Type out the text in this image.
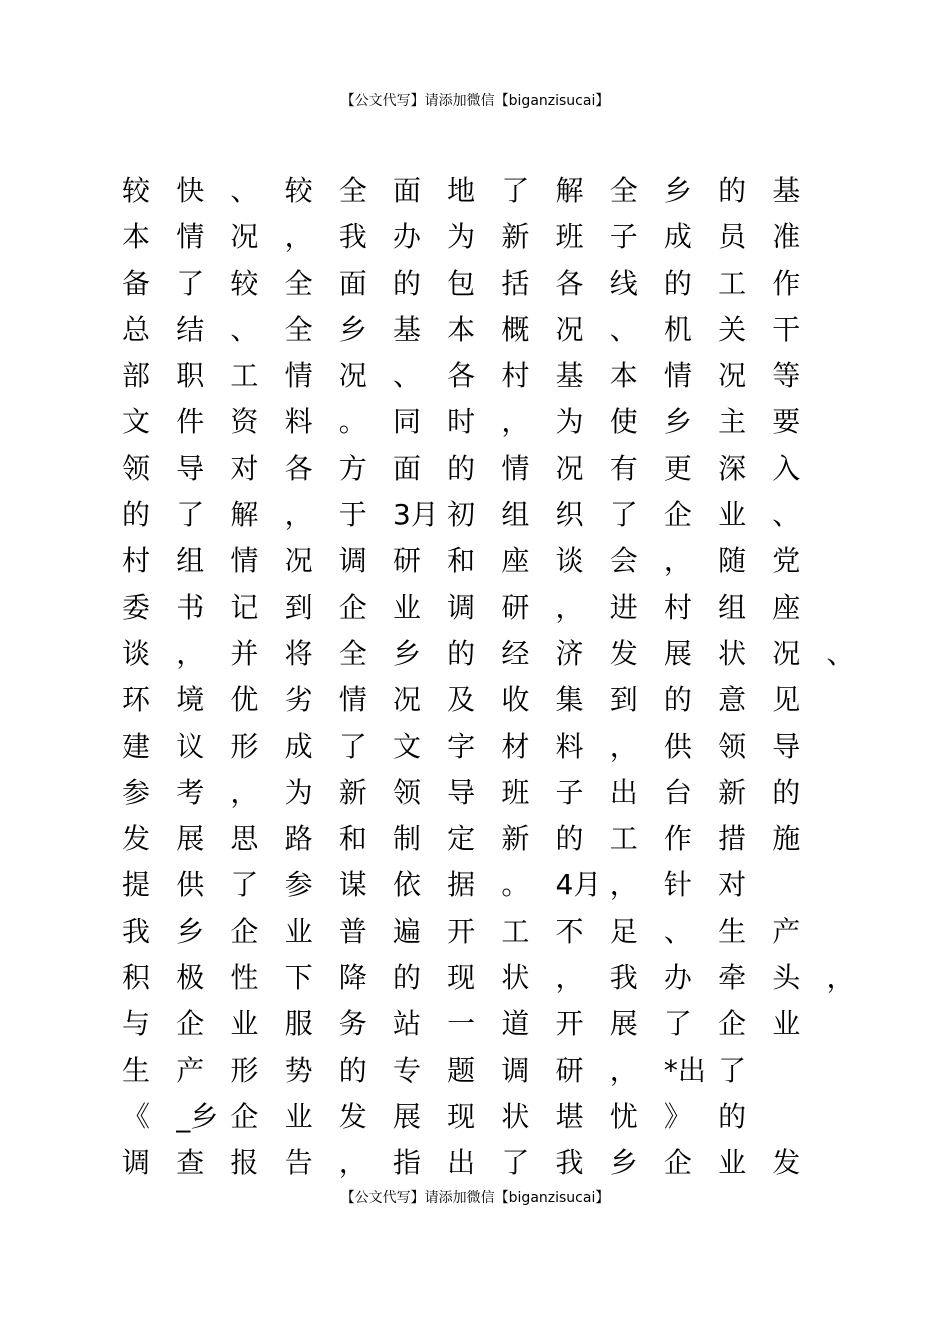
【公文代写】请添加微信【biganzisucai】
较 快 、 较 全 面 地 了 解 全 乡 的 基
本 情 况 ， 我 办 为 新 班 子 成 员 准
备 了 较 全 面 的 包 括 各 线 的 工 作
总 结 、 全 乡 基 本 概 况 、 机 关 干
部 职 工 情 况 、 各 村 基 本 情 况 等
文 件 资 料 。 同 时 ， 为 使 乡 主 要
领 导 对 各 方 面 的 情 况 有 更 深 入
的 了 解 ， 于 3月 初 组 织 了 企 业 、
村 组 情 况 调 研 和 座 谈 会 ， 随 党
委 书 记 到 企 业 调 研 ， 进 村 组 座
谈 ， 并 将 全 乡 的 经 济 发 展 状 况 、
环 境 优 劣 情 况 及 收 集 到 的 意 见
建 议 形 成 了 文 字 材 料 ， 供 领 导
参 考 ， 为 新 领 导 班 子 出 台 新 的
发 展 思 路 和 制 定 新 的 工 作 措 施
提 供 了 参 谋 依 据 。 4月 ， 针 对
我 乡 企 业 普 遍 开 工 不 足 、 生 产
积 极 性 下 降 的 现 状 ， 我 办 牵 头 ，
与 企 业 服 务 站 一 道 开 展 了 企 业
生 产 形 势 的 专 题 调 研 ， *出 了
《 _乡 企 业 发 展 现 状 堪 忧 》 的
调 查 报 告 ， 指 出 了 我 乡 企 业 发
【公文代写】请添加微信【biganzisucai】
